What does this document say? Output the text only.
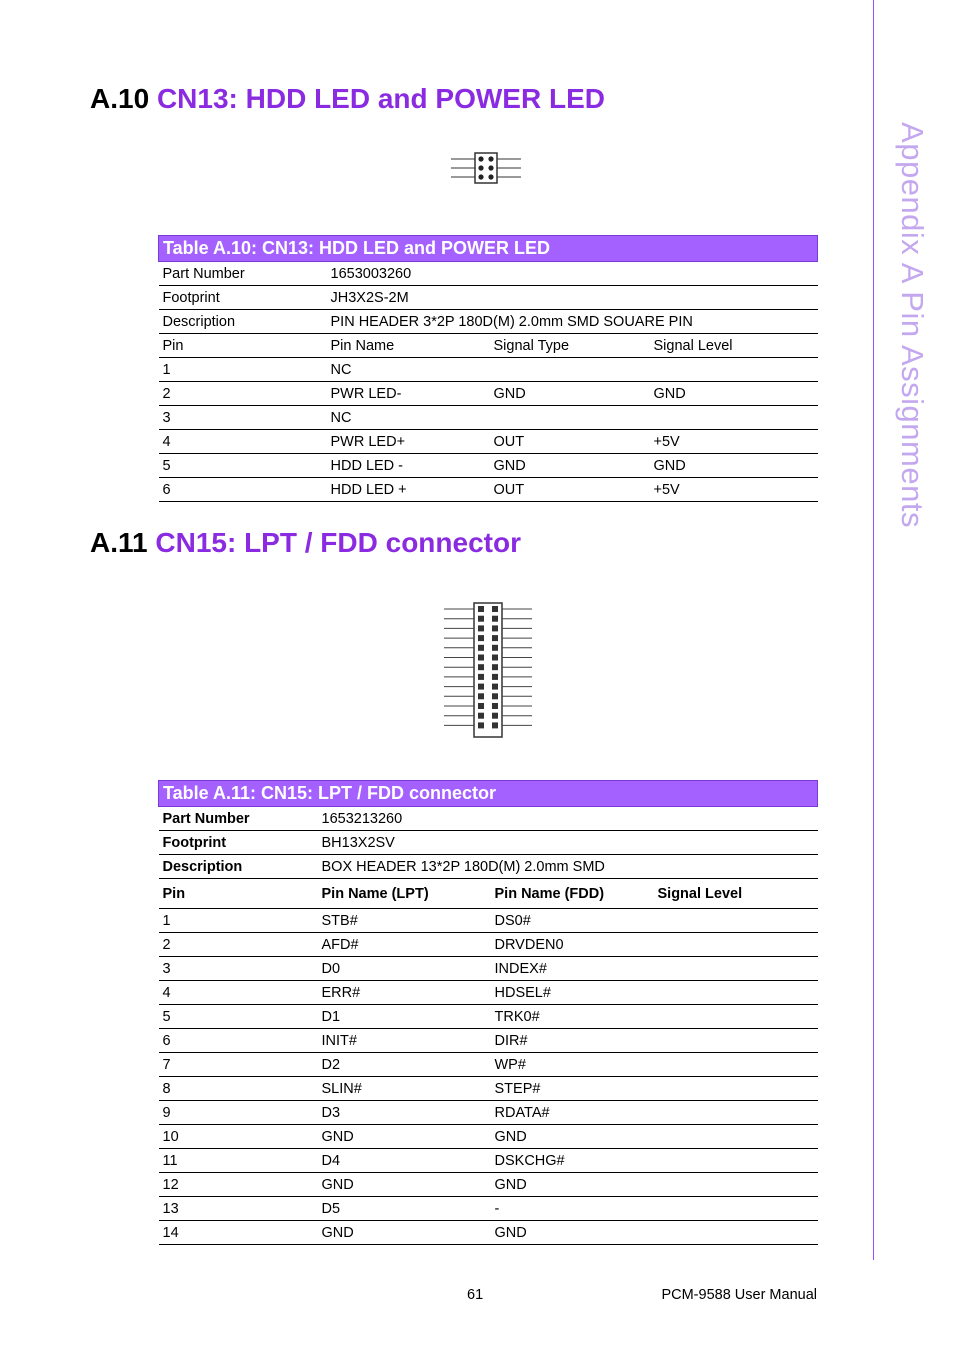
Appendix A Pin Assignments
A.10 CN13: HDD LED and POWER LED
Table A.10: CN13: HDD LED and POWER LED			
Part Number	1653003260		
Footprint	JH3X2S-2M		
Description	PIN HEADER 3*2P 180D(M) 2.0mm SMD SOUARE PIN		
Pin	Pin Name	Signal Type	Signal Level
1	NC		
2	PWR LED-	GND	GND
3	NC		
4	PWR LED+	OUT	+5V
5	HDD LED -	GND	GND
6	HDD LED +	OUT	+5V
A.11 CN15: LPT / FDD connector
Table A.11: CN15: LPT / FDD connector			
Part Number	1653213260		
Footprint	BH13X2SV		
Description	BOX HEADER 13*2P 180D(M) 2.0mm SMD		
Pin	Pin Name (LPT)	Pin Name (FDD)	Signal Level
1	STB#	DS0#	
2	AFD#	DRVDEN0	
3	D0	INDEX#	
4	ERR#	HDSEL#	
5	D1	TRK0#	
6	INIT#	DIR#	
7	D2	WP#	
8	SLIN#	STEP#	
9	D3	RDATA#	
10	GND	GND	
11	D4	DSKCHG#	
12	GND	GND	
13	D5	-	
14	GND	GND	
61	PCM-9588 User Manual
